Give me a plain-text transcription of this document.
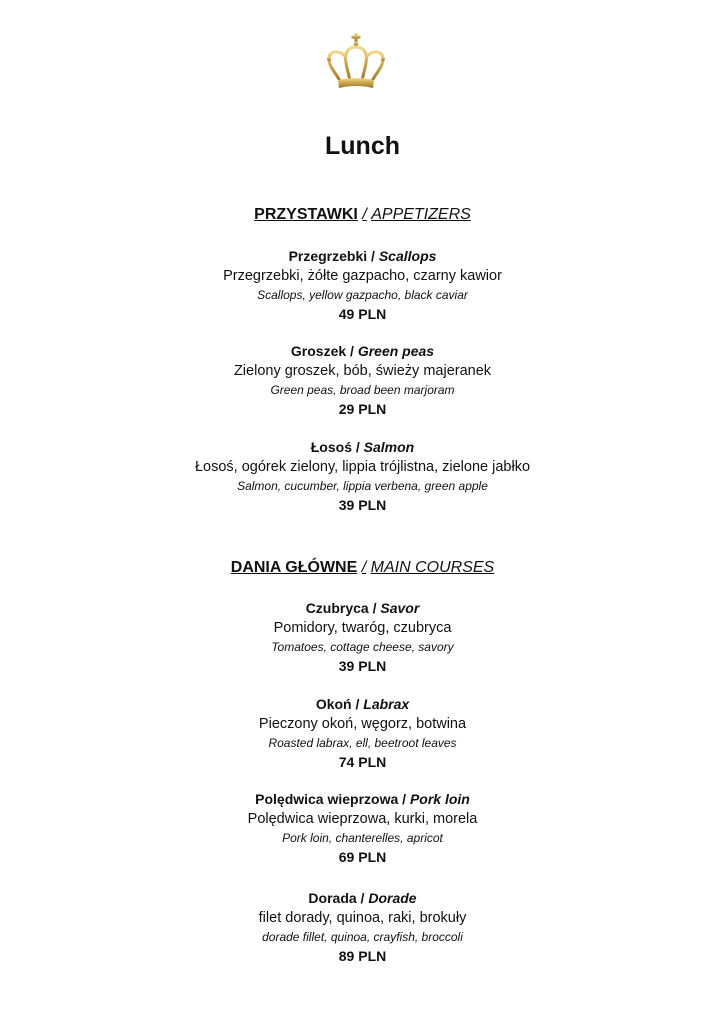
Lunch
PRZYSTAWKI / APPETIZERS
Przegrzebki / Scallops
Przegrzebki, żółte gazpacho, czarny kawior
Scallops, yellow gazpacho, black caviar
49 PLN
Groszek / Green peas
Zielony groszek, bób, świeży majeranek
Green peas, broad been marjoram
29 PLN
Łosoś / Salmon
Łosoś, ogórek zielony, lippia trójlistna, zielone jabłko
Salmon, cucumber, lippia verbena, green apple
39 PLN
DANIA GŁÓWNE / MAIN COURSES
Czubryca / Savor
Pomidory, twaróg, czubryca
Tomatoes, cottage cheese, savory
39 PLN
Okoń / Labrax
Pieczony okoń, węgorz, botwina
Roasted labrax, ell, beetroot leaves
74 PLN
Polędwica wieprzowa / Pork loin
Polędwica wieprzowa, kurki, morela
Pork loin, chanterelles, apricot
69 PLN
Dorada / Dorade
filet dorady, quinoa, raki, brokuły
dorade fillet, quinoa, crayfish, broccoli
89 PLN
